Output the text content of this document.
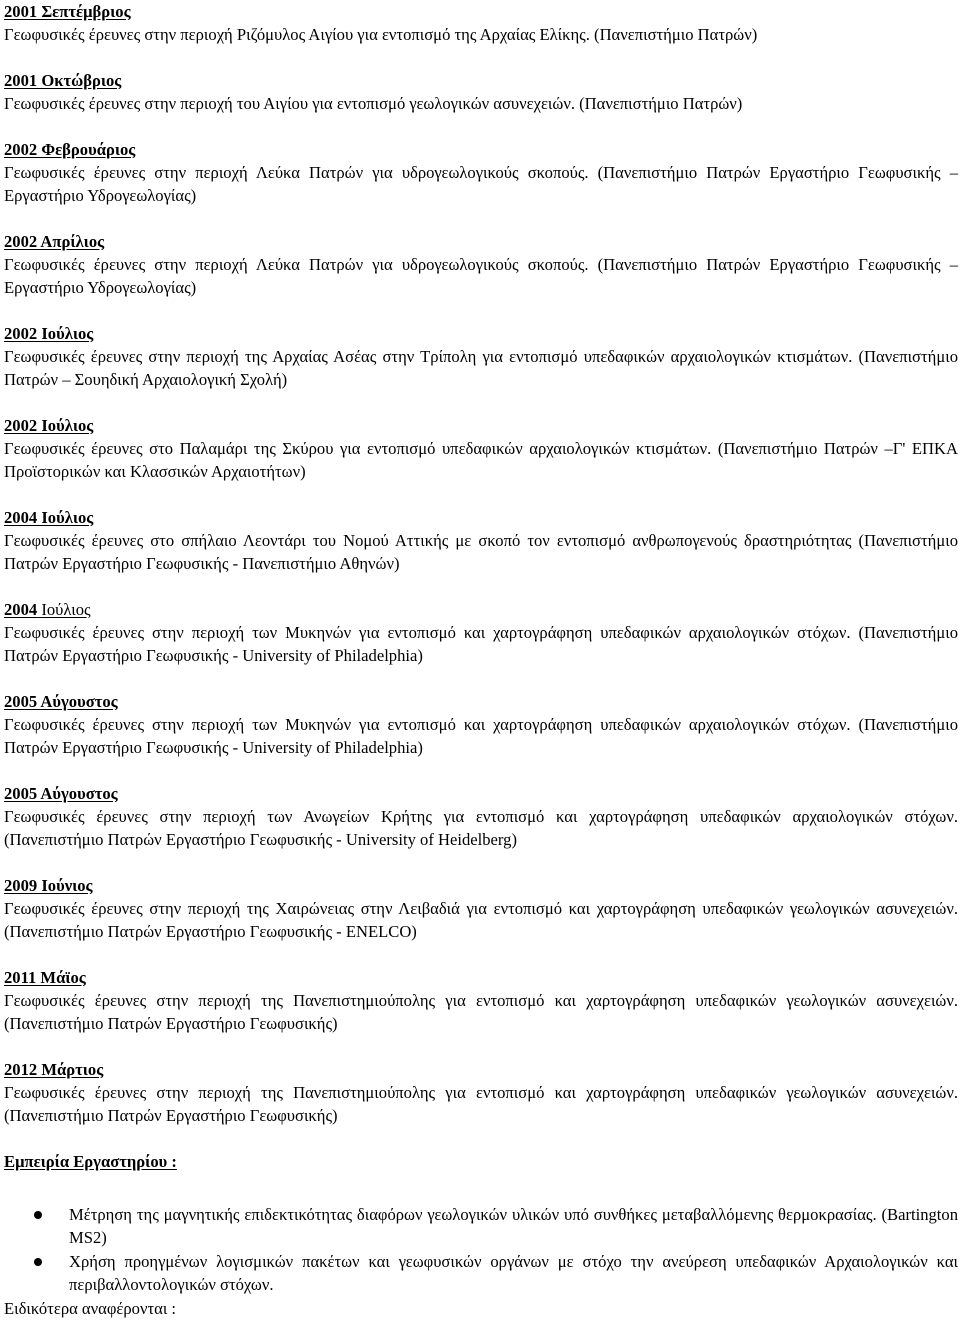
2001 Σεπτέμβριος
Γεωφυσικές έρευνες στην περιοχή Ριζόμυλος Αιγίου για εντοπισμό της Αρχαίας Ελίκης. (Πανεπιστήμιο Πατρών)
2001 Οκτώβριος
Γεωφυσικές έρευνες στην περιοχή του Αιγίου για εντοπισμό γεωλογικών ασυνεχειών. (Πανεπιστήμιο Πατρών)
2002 Φεβρουάριος
Γεωφυσικές έρευνες στην περιοχή Λεύκα Πατρών για υδρογεωλογικούς σκοπούς. (Πανεπιστήμιο Πατρών Εργαστήριο Γεωφυσικής –Εργαστήριο Υδρογεωλογίας)
2002 Απρίλιος
Γεωφυσικές έρευνες στην περιοχή Λεύκα Πατρών για υδρογεωλογικούς σκοπούς. (Πανεπιστήμιο Πατρών Εργαστήριο Γεωφυσικής –Εργαστήριο Υδρογεωλογίας)
2002 Ιούλιος
Γεωφυσικές έρευνες στην περιοχή της Αρχαίας Ασέας στην Τρίπολη για εντοπισμό υπεδαφικών αρχαιολογικών κτισμάτων. (Πανεπιστήμιο Πατρών – Σουηδική Αρχαιολογική Σχολή)
2002 Ιούλιος
Γεωφυσικές έρευνες στο Παλαμάρι της Σκύρου για εντοπισμό υπεδαφικών αρχαιολογικών κτισμάτων. (Πανεπιστήμιο Πατρών –Γ' ΕΠΚΑ Προϊστορικών και Κλασσικών Αρχαιοτήτων)
2004 Ιούλιος
Γεωφυσικές έρευνες στο σπήλαιο Λεοντάρι του Νομού Αττικής με σκοπό τον εντοπισμό ανθρωπογενούς δραστηριότητας (Πανεπιστήμιο Πατρών Εργαστήριο Γεωφυσικής - Πανεπιστήμιο Αθηνών)
2004 Ιούλιος
Γεωφυσικές έρευνες στην περιοχή των Μυκηνών για εντοπισμό και χαρτογράφηση υπεδαφικών αρχαιολογικών στόχων. (Πανεπιστήμιο Πατρών Εργαστήριο Γεωφυσικής - University of Philadelphia)
2005 Αύγουστος
Γεωφυσικές έρευνες στην περιοχή των Μυκηνών για εντοπισμό και χαρτογράφηση υπεδαφικών αρχαιολογικών στόχων. (Πανεπιστήμιο Πατρών Εργαστήριο Γεωφυσικής - University of Philadelphia)
2005 Αύγουστος
Γεωφυσικές έρευνες στην περιοχή των Ανωγείων Κρήτης για εντοπισμό και χαρτογράφηση υπεδαφικών αρχαιολογικών στόχων. (Πανεπιστήμιο Πατρών Εργαστήριο Γεωφυσικής - University of Heidelberg)
2009 Ιούνιος
Γεωφυσικές έρευνες στην περιοχή της Χαιρώνειας στην Λειβαδιά για εντοπισμό και χαρτογράφηση υπεδαφικών γεωλογικών ασυνεχειών. (Πανεπιστήμιο Πατρών Εργαστήριο Γεωφυσικής - ENELCO)
2011 Μάϊος
Γεωφυσικές έρευνες στην περιοχή της Πανεπιστημιούπολης για εντοπισμό και χαρτογράφηση υπεδαφικών γεωλογικών ασυνεχειών. (Πανεπιστήμιο Πατρών Εργαστήριο Γεωφυσικής)
2012 Μάρτιος
Γεωφυσικές έρευνες στην περιοχή της Πανεπιστημιούπολης για εντοπισμό και χαρτογράφηση υπεδαφικών γεωλογικών ασυνεχειών. (Πανεπιστήμιο Πατρών Εργαστήριο Γεωφυσικής)
Εμπειρία Εργαστηρίου :
Μέτρηση της μαγνητικής επιδεκτικότητας διαφόρων γεωλογικών υλικών υπό συνθήκες μεταβαλλόμενης θερμοκρασίας. (Bartington MS2)
Χρήση προηγμένων λογισμικών πακέτων και γεωφυσικών οργάνων με στόχο την ανεύρεση υπεδαφικών Αρχαιολογικών και περιβαλλοντολογικών στόχων.
Ειδικότερα αναφέρονται :
